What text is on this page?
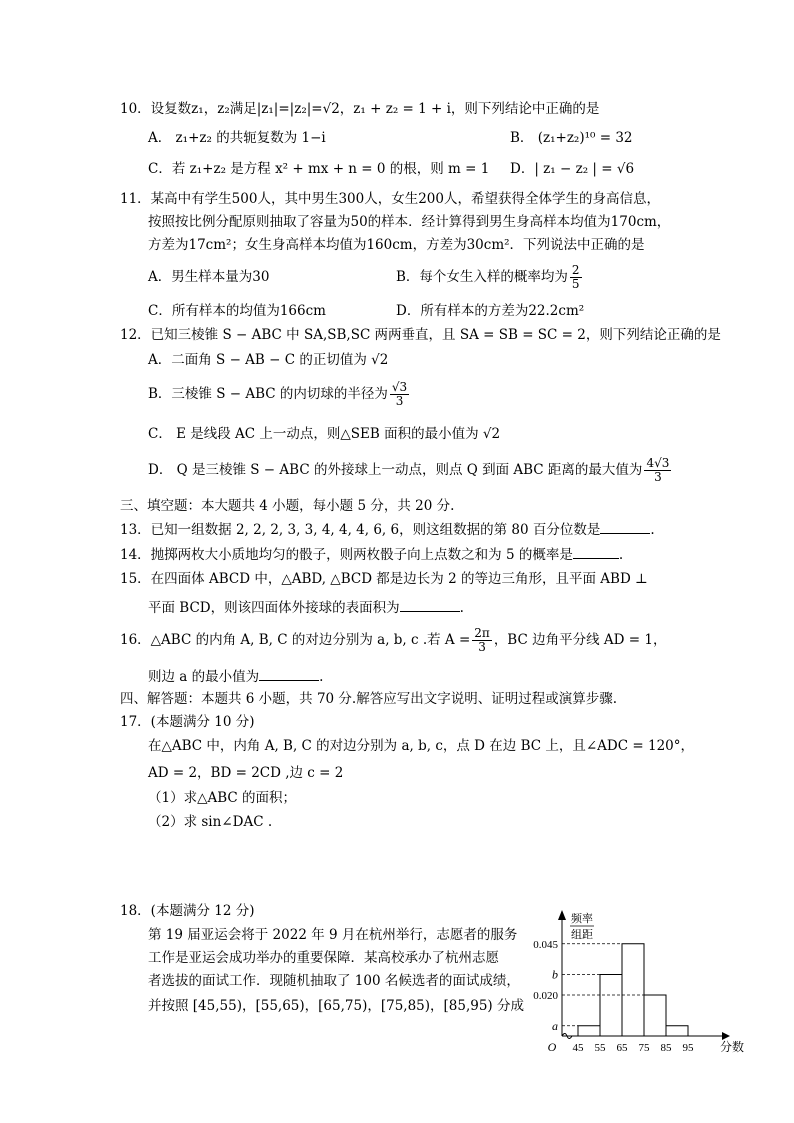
10．设复数z₁，z₂满足|z₁|=|z₂|=√2，z₁ + z₂ = 1 + i，则下列结论中正确的是
A． z₁+z₂ 的共轭复数为 1−i	B． (z₁+z₂)¹⁰ = 32
C．若 z₁+z₂ 是方程 x² + mx + n = 0 的根，则 m = 1 D．| z₁ − z₂ | = √6
11．某高中有学生500人，其中男生300人，女生200人，希望获得全体学生的身高信息，
按照按比例分配原则抽取了容量为50的样本．经计算得到男生身高样本均值为170cm，
方差为17cm²；女生身高样本均值为160cm，方差为30cm²．下列说法中正确的是
A．男生样本量为30	B．每个女生入样的概率均为 $\frac{2}{5}$
C．所有样本的均值为166cm	D．所有样本的方差为22.2cm²
12．已知三棱锥 S − ABC 中 SA,SB,SC 两两垂直，且 SA = SB = SC = 2，则下列结论正确的是
A．二面角 S − AB − C 的正切值为 √2
B．三棱锥 S − ABC 的内切球的半径为 $\frac{√3}{3}$
C． E 是线段 AC 上一动点，则△SEB 面积的最小值为 √2
D． Q 是三棱锥 S − ABC 的外接球上一动点，则点 Q 到面 ABC 距离的最大值为 $\frac{4√3}{3}$
三、填空题：本大题共 4 小题，每小题 5 分，共 20 分.
13．已知一组数据 2, 2, 2, 3, 3, 4, 4, 4, 6, 6，则这组数据的第 80 百分位数是	.
14．抛掷两枚大小质地均匀的骰子，则两枚骰子向上点数之和为 5 的概率是	.
15．在四面体 ABCD 中，△ABD, △BCD 都是边长为 2 的等边三角形，且平面 ABD ⊥
平面 BCD，则该四面体外接球的表面积为	.
16．△ABC 的内角 A, B, C 的对边分别为 a, b, c .若 $A = \frac{2\pi}{3}$ ，BC 边角平分线 AD = 1，
则边 a 的最小值为	.
四、解答题：本题共 6 小题，共 70 分.解答应写出文字说明、证明过程或演算步骤.
17．(本题满分 10 分)
在△ABC 中，内角 A, B, C 的对边分别为 a, b, c，点 D 在边 BC 上，且∠ADC = 120°，
AD = 2，BD = 2CD ,边 c = 2
（1）求△ABC 的面积；
（2）求 sin∠DAC .
18．(本题满分 12 分)
第 19 届亚运会将于 2022 年 9 月在杭州举行，志愿者的服务
工作是亚运会成功举办的重要保障．某高校承办了杭州志愿
者选拔的面试工作．现随机抽取了 100 名候选者的面试成绩，
并按照 [45,55)，[55,65)，[65,75)，[75,85)，[85,95) 分成
0.045
b
0.020
a
45 55 65 75 85 95 分数
O
频率
组距
